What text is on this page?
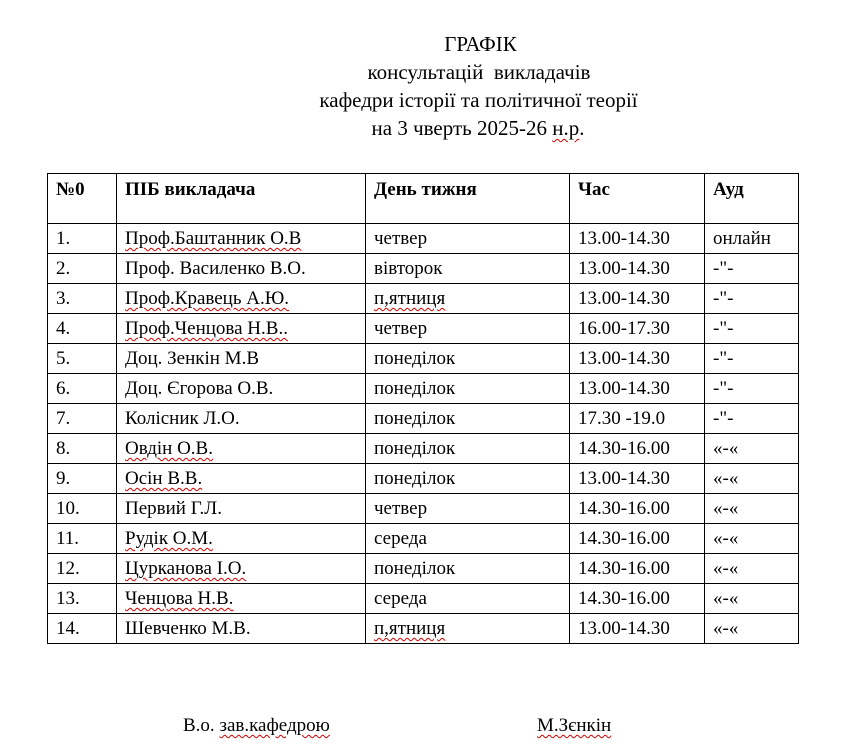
ГРАФІК
консультацій  викладачів
кафедри історії та політичної теорії
на 3 чверть 2025-26 н.р.
№0	ПІБ викладача	День тижня	Час	Ауд
1.	Проф.Баштанник О.В	четвер	13.00-14.30	онлайн
2.	Проф. Василенко В.О.	вівторок	13.00-14.30	-"-
3.	Проф.Кравець А.Ю.	п,ятниця	13.00-14.30	-"-
4.	Проф.Ченцова Н.В..	четвер	16.00-17.30	-"-
5.	Доц. Зенкін М.В	понеділок	13.00-14.30	-"-
6.	Доц. Єгорова О.В.	понеділок	13.00-14.30	-"-
7.	Колісник Л.О.	понеділок	17.30 -19.0	-"-
8.	Овдін О.В.	понеділок	14.30-16.00	«-«
9.	Осін В.В.	понеділок	13.00-14.30	«-«
10.	Первий Г.Л.	четвер	14.30-16.00	«-«
11.	Рудік О.М.	середа	14.30-16.00	«-«
12.	Цурканова І.О.	понеділок	14.30-16.00	«-«
13.	Ченцова Н.В.	середа	14.30-16.00	«-«
14.	Шевченко М.В.	п,ятниця	13.00-14.30	«-«
В.о. зав.кафедрою	М.Зєнкін
